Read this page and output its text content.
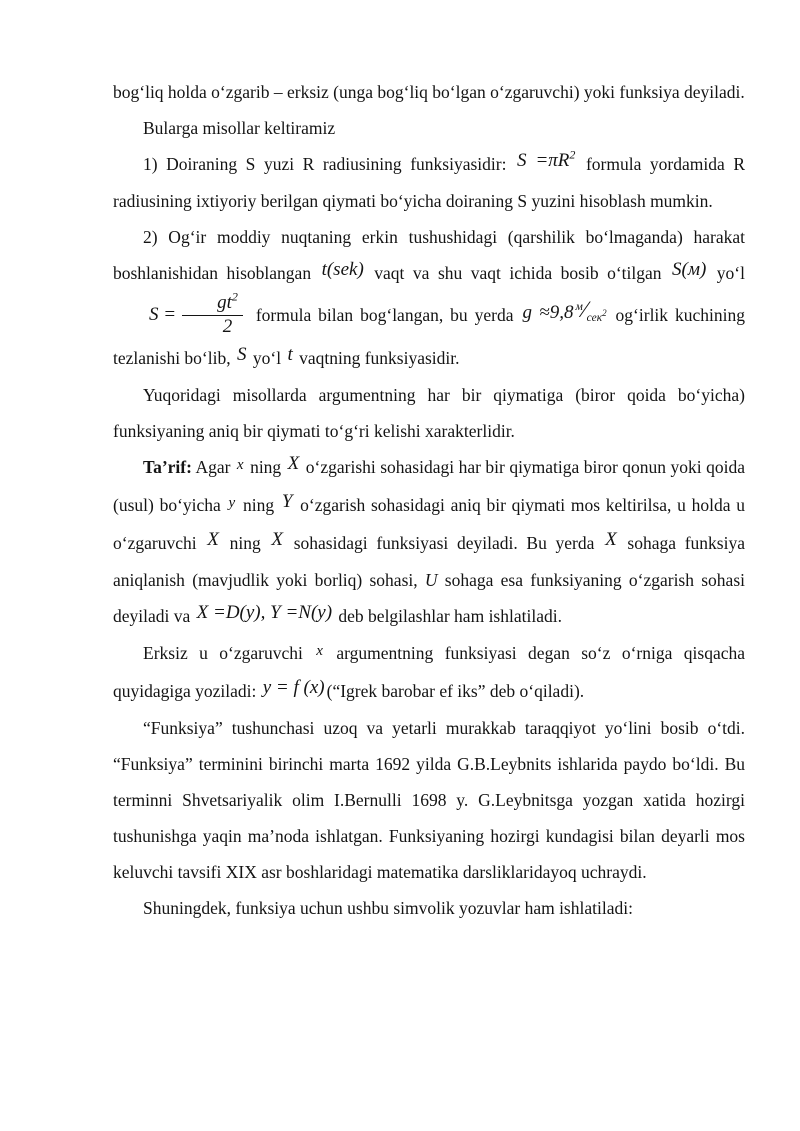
bog‘liq holda o‘zgarib – erksiz (unga bog‘liq bo‘lgan o‘zgaruvchi) yoki funksiya deyiladi.
Bularga misollar keltiramiz
1) Doiraning S yuzi R radiusining funksiyasidir: $S =\pi R^2$ formula yordamida R radiusining ixtiyoriy berilgan qiymati bo‘yicha doiraning S yuzini hisoblash mumkin.
2) Og‘ir moddiy nuqtaning erkin tushushidagi (qarshilik bo‘lmaganda) harakat boshlanishidan hisoblangan t(sek) vaqt va shu vaqt ichida bosib o‘tilgan S(м) yo‘l
$S = \frac{gt^2}{2}$ formula bilan bog‘langan, bu yerda g ≈9,8 $^м⁄_{сек^2}$ og‘irlik kuchining tezlanishi bo‘lib, S yo‘l t vaqtning funksiyasidir.
Yuqoridagi misollarda argumentning har bir qiymatiga (biror qoida bo‘yicha) funksiyaning aniq bir qiymati to‘g‘ri kelishi xarakterlidir.
Ta’rif: Agar x ning X o‘zgarishi sohasidagi har bir qiymatiga biror qonun yoki qoida (usul) bo‘yicha y ning Y o‘zgarish sohasidagi aniq bir qiymati mos keltirilsa, u holda u o‘zgaruvchi X ning X sohasidagi funksiyasi deyiladi. Bu yerda X sohaga funksiya aniqlanish (mavjudlik yoki borliq) sohasi, U sohaga esa funksiyaning o‘zgarish sohasi deyiladi va X =D(y), Y =N(y) deb belgilashlar ham ishlatiladi.
Erksiz u o‘zgaruvchi x argumentning funksiyasi degan so‘z o‘rniga qisqacha quyidagiga yoziladi: y = f (x) (“Igrek barobar ef iks” deb o‘qiladi).
“Funksiya” tushunchasi uzoq va yetarli murakkab taraqqiyot yo‘lini bosib o‘tdi. “Funksiya” terminini birinchi marta 1692 yilda G.B.Leybnits ishlarida paydo bo‘ldi. Bu terminni Shvetsariyalik olim I.Bernulli 1698 y. G.Leybnitsga yozgan xatida hozirgi tushunishga yaqin ma’noda ishlatgan. Funksiyaning hozirgi kundagisi bilan deyarli mos keluvchi tavsifi XIX asr boshlaridagi matematika darsliklaridayoq uchraydi.
Shuningdek, funksiya uchun ushbu simvolik yozuvlar ham ishlatiladi:
